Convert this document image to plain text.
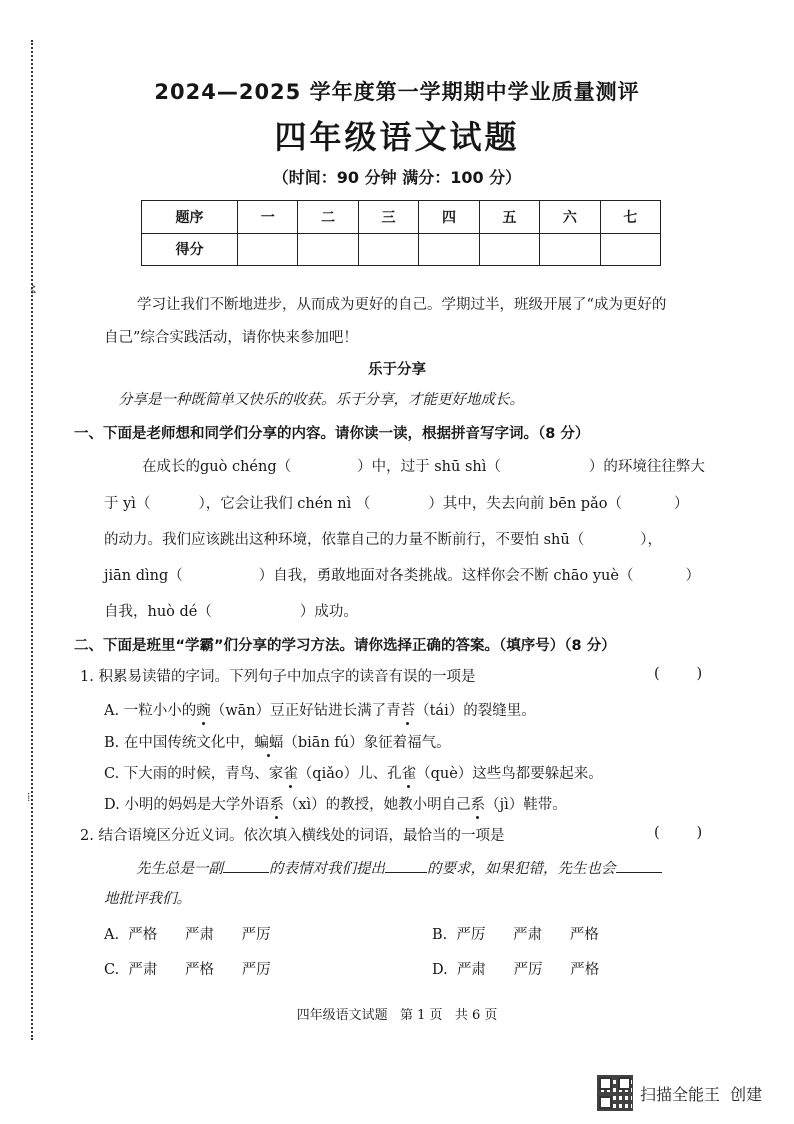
〻
⁞
2024—2025 学年度第一学期期中学业质量测评
四年级语文试题
（时间：90 分钟 满分：100 分）
题序	一	二	三	四	五	六	七
得分							
学习让我们不断地进步，从而成为更好的自己。学期过半，班级开展了“成为更好的
自己”综合实践活动，请你快来参加吧！
乐于分享
分享是一种既简单又快乐的收获。乐于分享，才能更好地成长。
一、下面是老师想和同学们分享的内容。请你读一读，根据拼音写字词。（8 分）
在成长的guò chéng（	）中，过于 shū shì（	）的环境往往弊大
于 yì（	），它会让我们 chén nì （	）其中，失去向前 bēn pǎo（	）
的动力。我们应该跳出这种环境，依靠自己的力量不断前行，不要怕 shū（	），
jiān dìng（	）自我，勇敢地面对各类挑战。这样你会不断 chāo yuè（	）
自我，huò dé（	）成功。
二、下面是班里“学霸”们分享的学习方法。请你选择正确的答案。（填序号）（8 分）
1. 积累易读错的字词。下列句子中加点字的读音有误的一项是	(        )
A. 一粒小小的豌（wān）豆正好钻进长满了青苔（tái）的裂缝里。
B. 在中国传统文化中，蝙蝠（biān fú）象征着福气。
C. 下大雨的时候，青鸟、家雀（qiǎo）儿、孔雀（què）这些鸟都要躲起来。
D. 小明的妈妈是大学外语系（xì）的教授，她教小明自己系（jì）鞋带。
2. 结合语境区分近义词。依次填入横线处的词语，最恰当的一项是	(        )
先生总是一副	的表情对我们提出	的要求，如果犯错，先生也会
地批评我们。
A.  严格      严肃      严厉	B.  严厉      严肃      严格
C.  严肃      严格      严厉	D.  严肃      严厉      严格
四年级语文试题   第 1 页   共 6 页
扫描全能王  创建
